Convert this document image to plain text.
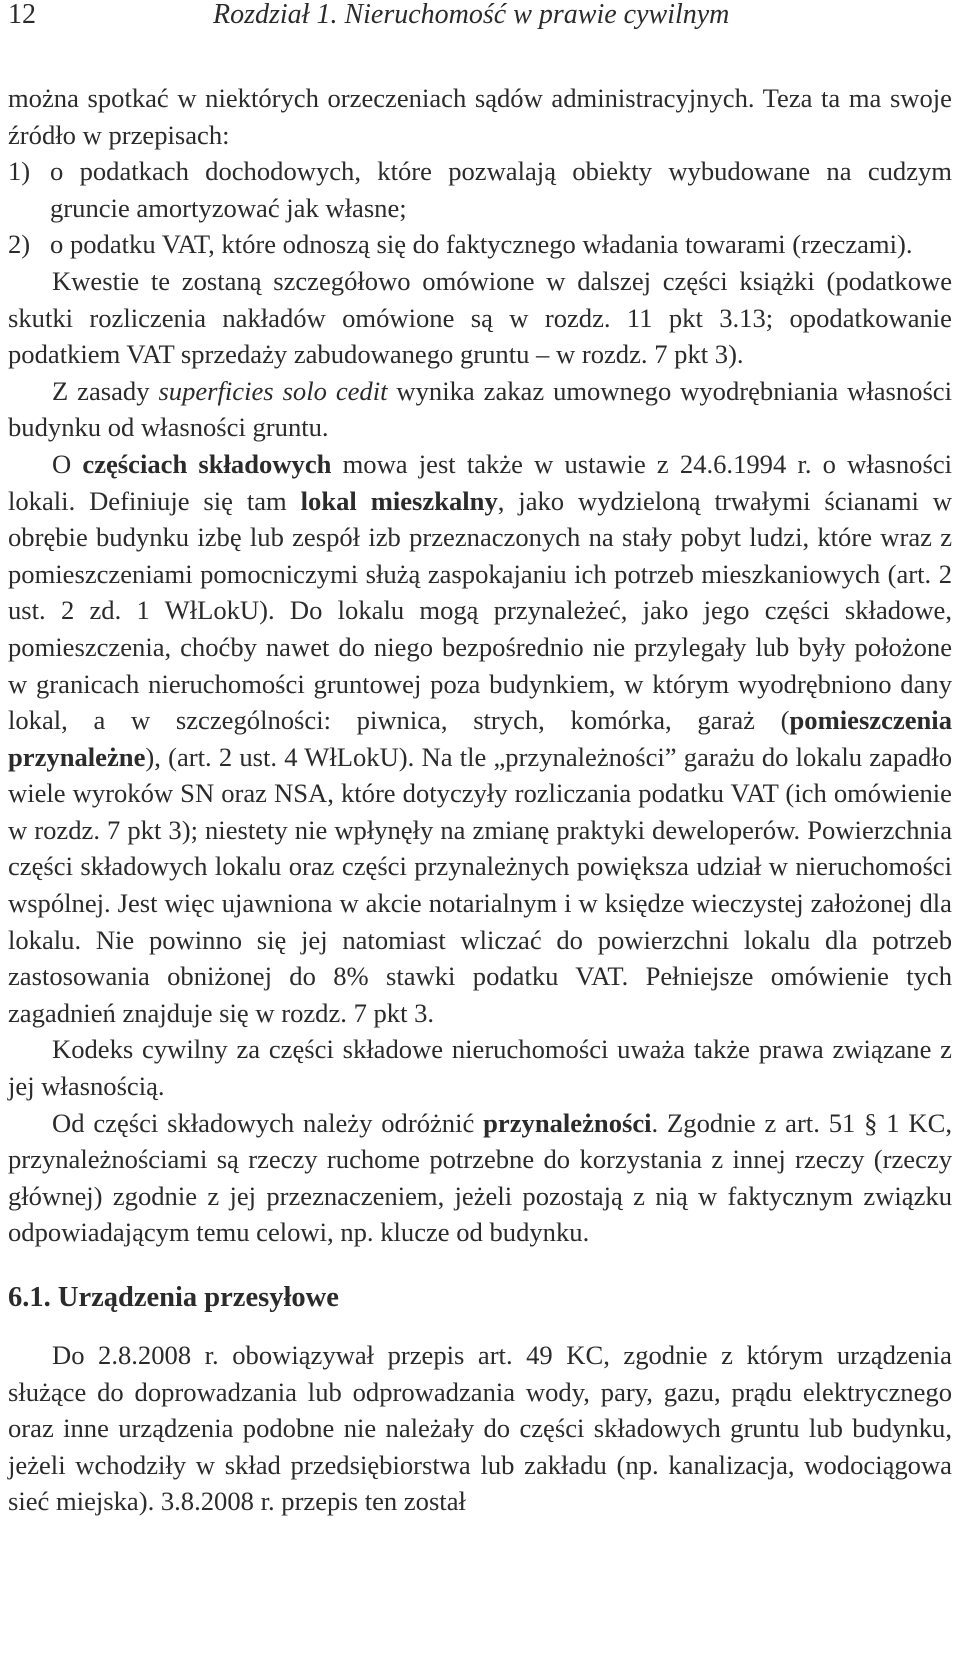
12	Rozdział 1. Nieruchomość w prawie cywilnym

można spotkać w niektórych orzeczeniach sądów administracyjnych. Teza ta ma swoje źródło w przepisach:

1) o podatkach dochodowych, które pozwalają obiekty wybudowane na cudzym gruncie amortyzować jak własne;
2) o podatku VAT, które odnoszą się do faktycznego władania towarami (rzeczami).

Kwestie te zostaną szczegółowo omówione w dalszej części książki (podatkowe skutki rozliczenia nakładów omówione są w rozdz. 11 pkt 3.13; opodatkowanie podatkiem VAT sprzedaży zabudowanego gruntu – w rozdz. 7 pkt 3).

Z zasady superficies solo cedit wynika zakaz umownego wyodrębniania własności budynku od własności gruntu.

O częściach składowych mowa jest także w ustawie z 24.6.1994 r. o własności lokali. Definiuje się tam lokal mieszkalny, jako wydzieloną trwałymi ścianami w obrębie budynku izbę lub zespół izb przeznaczonych na stały pobyt ludzi, które wraz z pomieszczeniami pomocniczymi służą zaspokajaniu ich potrzeb mieszkaniowych (art. 2 ust. 2 zd. 1 WłLokU). Do lokalu mogą przynależeć, jako jego części składowe, pomieszczenia, choćby nawet do niego bezpośrednio nie przylegały lub były położone w granicach nieruchomości gruntowej poza budynkiem, w którym wyodrębniono dany lokal, a w szczególności: piwnica, strych, komórka, garaż (pomieszczenia przynależne), (art. 2 ust. 4 WłLokU). Na tle „przynależności” garażu do lokalu zapadło wiele wyroków SN oraz NSA, które dotyczyły rozliczania podatku VAT (ich omówienie w rozdz. 7 pkt 3); niestety nie wpłynęły na zmianę praktyki deweloperów. Powierzchnia części składowych lokalu oraz części przynależnych powiększa udział w nieruchomości wspólnej. Jest więc ujawniona w akcie notarialnym i w księdze wieczystej założonej dla lokalu. Nie powinno się jej natomiast wliczać do powierzchni lokalu dla potrzeb zastosowania obniżonej do 8% stawki podatku VAT. Pełniejsze omówienie tych zagadnień znajduje się w rozdz. 7 pkt 3.

Kodeks cywilny za części składowe nieruchomości uważa także prawa związane z jej własnością.

Od części składowych należy odróżnić przynależności. Zgodnie z art. 51 § 1 KC, przynależnościami są rzeczy ruchome potrzebne do korzystania z innej rzeczy (rzeczy głównej) zgodnie z jej przeznaczeniem, jeżeli pozostają z nią w faktycznym związku odpowiadającym temu celowi, np. klucze od budynku.

6.1. Urządzenia przesyłowe

Do 2.8.2008 r. obowiązywał przepis art. 49 KC, zgodnie z którym urządzenia służące do doprowadzania lub odprowadzania wody, pary, gazu, prądu elektrycznego oraz inne urządzenia podobne nie należały do części składowych gruntu lub budynku, jeżeli wchodziły w skład przedsiębiorstwa lub zakładu (np. kanalizacja, wodociągowa sieć miejska). 3.8.2008 r. przepis ten został
